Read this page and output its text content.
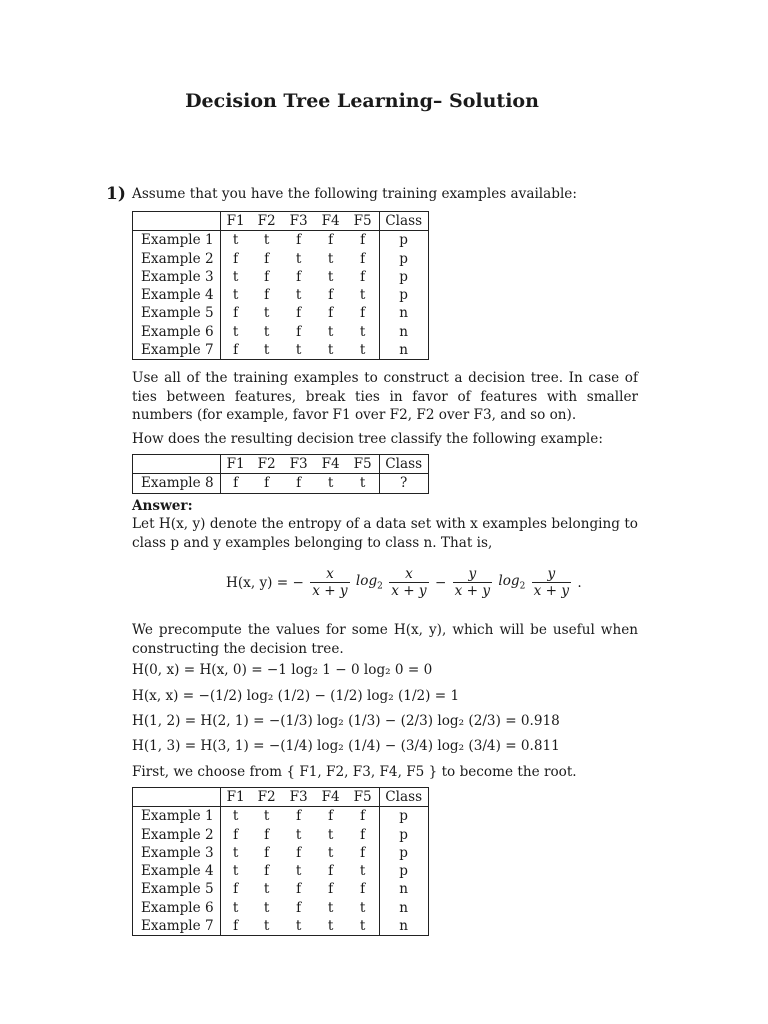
Decision Tree Learning– Solution
1) Assume that you have the following training examples available:
	F1	F2	F3	F4	F5	Class
Example 1	t	t	f	f	f	p
Example 2	f	f	t	t	f	p
Example 3	t	f	f	t	f	p
Example 4	t	f	t	f	t	p
Example 5	f	t	f	f	f	n
Example 6	t	t	f	t	t	n
Example 7	f	t	t	t	t	n
Use all of the training examples to construct a decision tree. In case of ties between features, break ties in favor of features with smaller numbers (for example, favor F1 over F2, F2 over F3, and so on).
How does the resulting decision tree classify the following example:
	F1	F2	F3	F4	F5	Class
Example 8	f	f	f	t	t	?
Answer:
Let H(x, y) denote the entropy of a data set with x examples belonging to class p and y examples belonging to class n. That is,
H(x, y) = − $\frac{x}{x + y} \log_2 \frac{x}{x + y} - \frac{y}{x + y} \log_2 \frac{y}{x + y}$ .
We precompute the values for some H(x, y), which will be useful when constructing the decision tree.
H(0, x) = H(x, 0) = −1 log₂ 1 − 0 log₂ 0 = 0
H(x, x) = −(1/2) log₂ (1/2) − (1/2) log₂ (1/2) = 1
H(1, 2) = H(2, 1) = −(1/3) log₂ (1/3) − (2/3) log₂ (2/3) = 0.918
H(1, 3) = H(3, 1) = −(1/4) log₂ (1/4) − (3/4) log₂ (3/4) = 0.811
First, we choose from { F1, F2, F3, F4, F5 } to become the root.
	F1	F2	F3	F4	F5	Class
Example 1	t	t	f	f	f	p
Example 2	f	f	t	t	f	p
Example 3	t	f	f	t	f	p
Example 4	t	f	t	f	t	p
Example 5	f	t	f	f	f	n
Example 6	t	t	f	t	t	n
Example 7	f	t	t	t	t	n
